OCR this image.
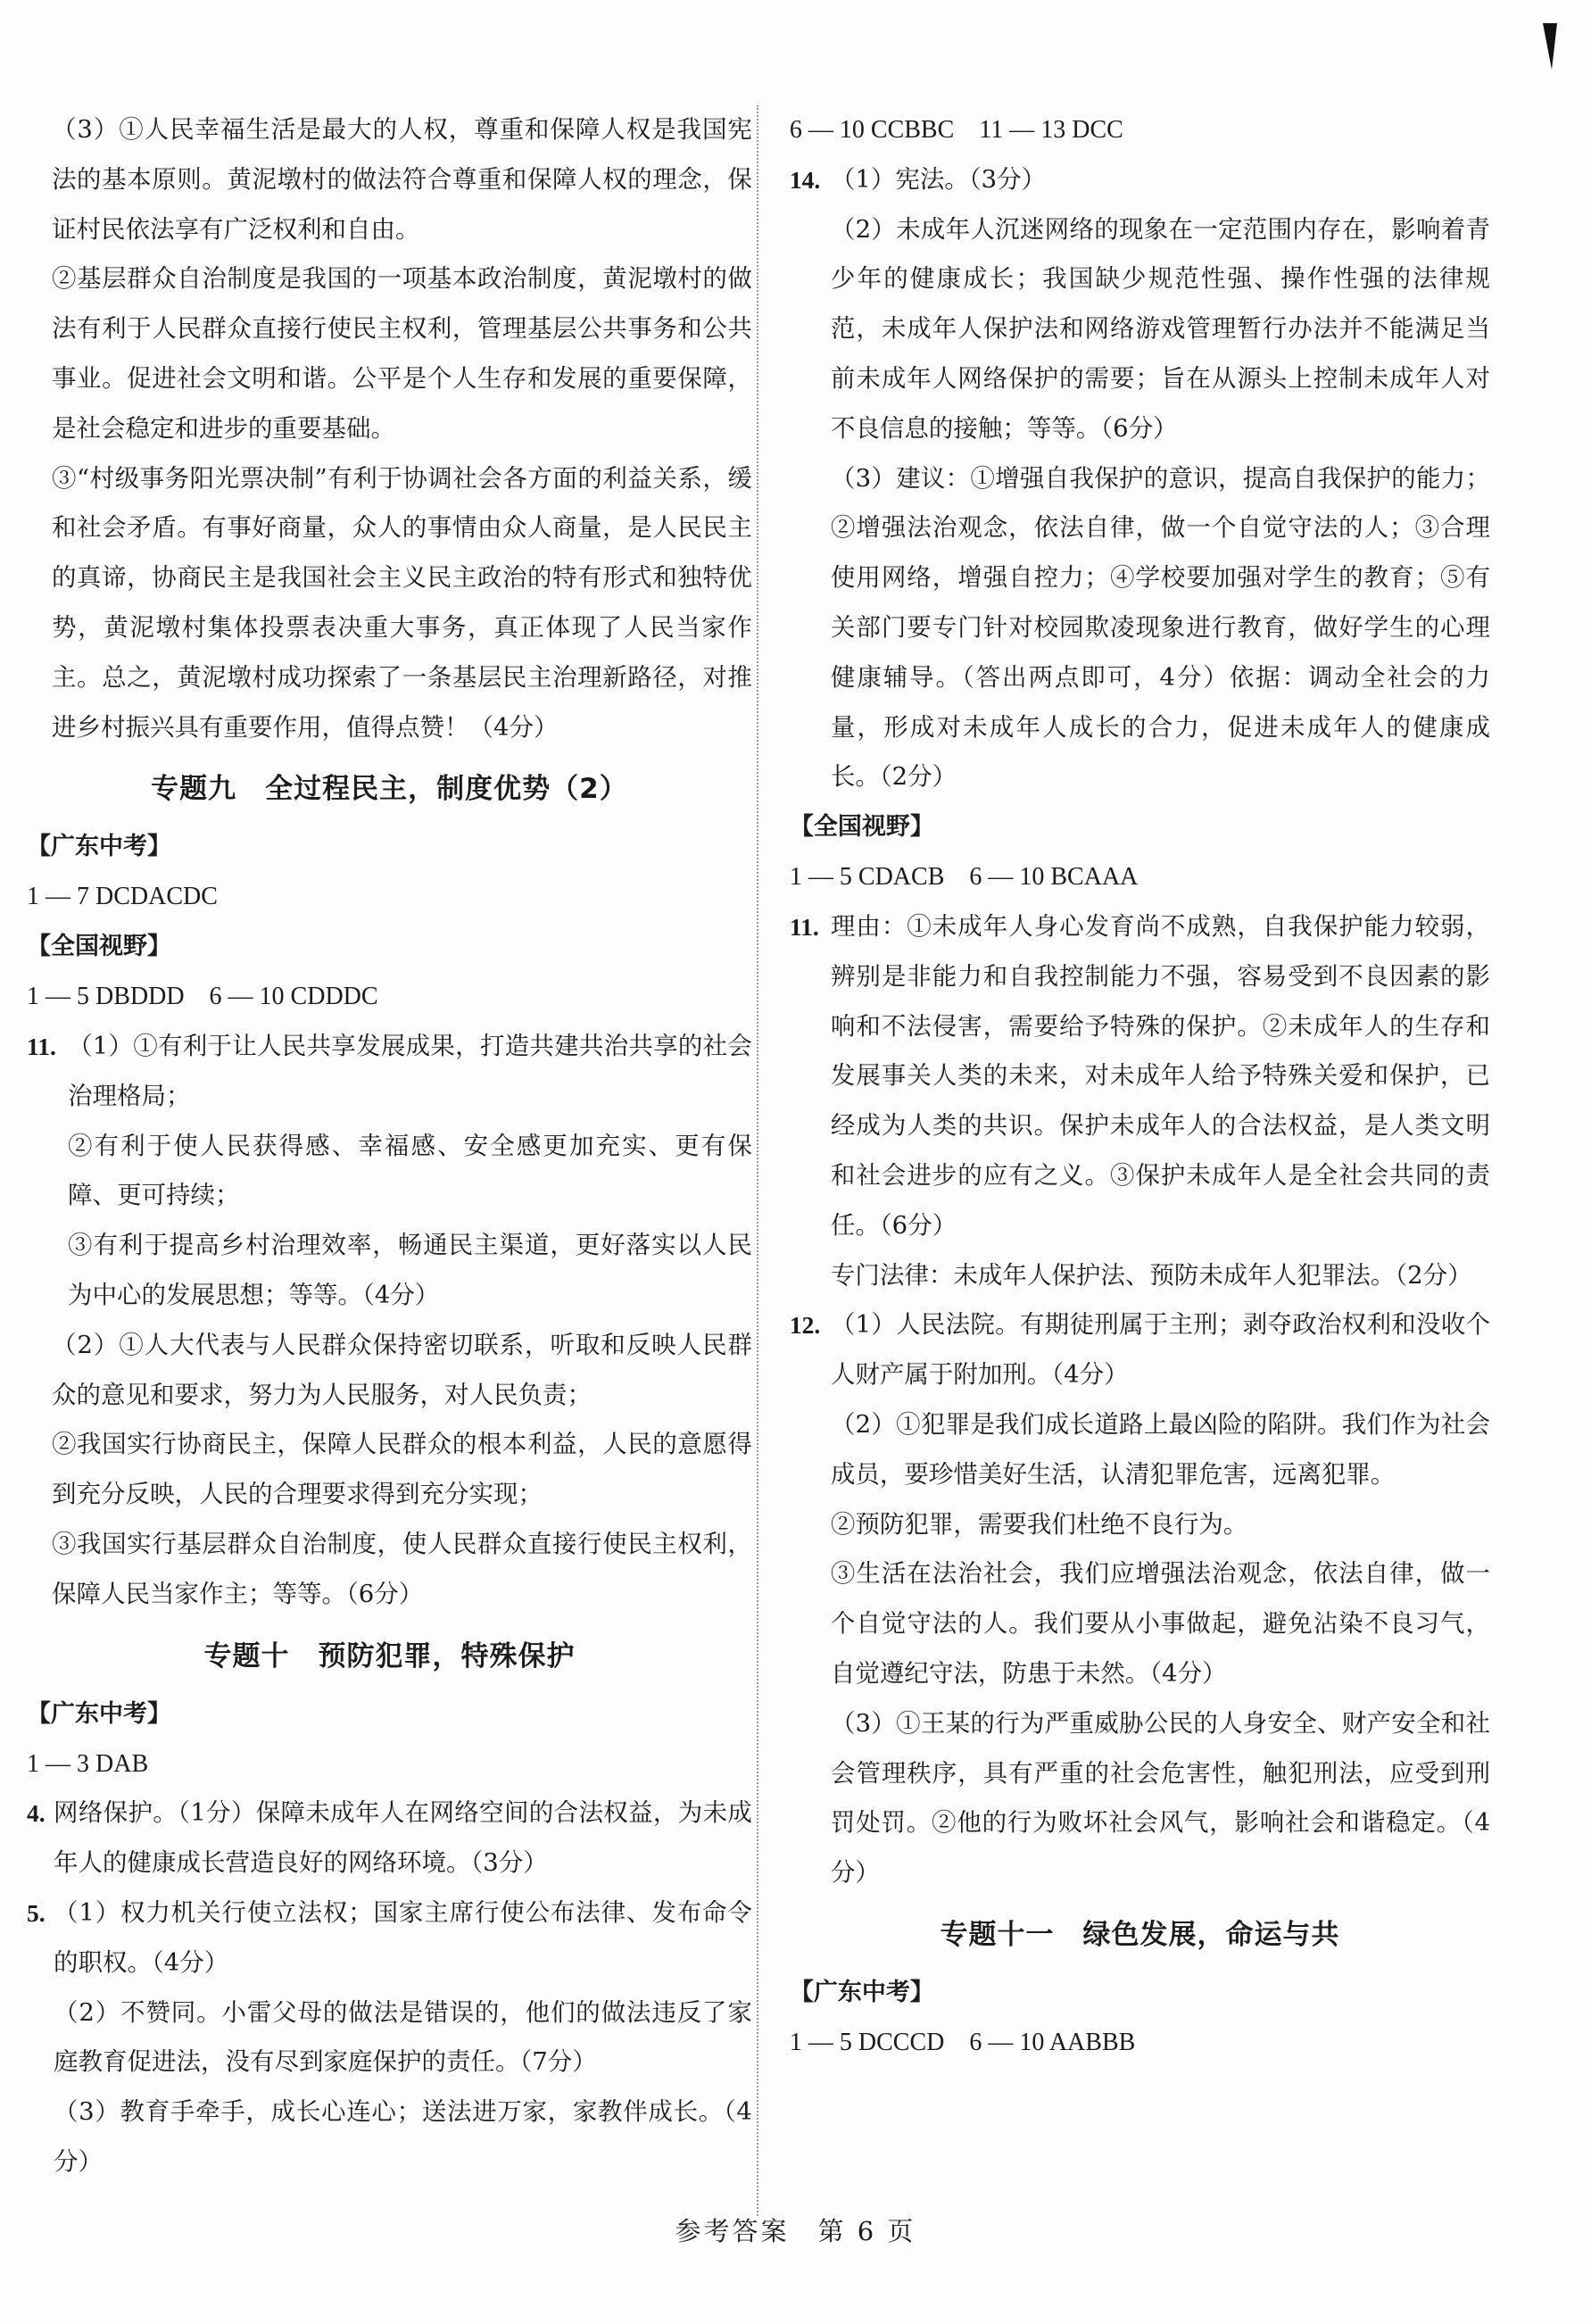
（3）①人民幸福生活是最大的人权，尊重和保障人权是我国宪法的基本原则。黄泥墩村的做法符合尊重和保障人权的理念，保证村民依法享有广泛权利和自由。

②基层群众自治制度是我国的一项基本政治制度，黄泥墩村的做法有利于人民群众直接行使民主权利，管理基层公共事务和公共事业。促进社会文明和谐。公平是个人生存和发展的重要保障，是社会稳定和进步的重要基础。

③“村级事务阳光票决制”有利于协调社会各方面的利益关系，缓和社会矛盾。有事好商量，众人的事情由众人商量，是人民民主的真谛，协商民主是我国社会主义民主政治的特有形式和独特优势，黄泥墩村集体投票表决重大事务，真正体现了人民当家作主。总之，黄泥墩村成功探索了一条基层民主治理新路径，对推进乡村振兴具有重要作用，值得点赞！（4分）

专题九　全过程民主，制度优势（2）
【广东中考】
1 — 7 DCDACDC
【全国视野】
1 — 5 DBDDD　6 — 10 CDDDC
11. （1）①有利于让人民共享发展成果，打造共建共治共享的社会治理格局；

②有利于使人民获得感、幸福感、安全感更加充实、更有保障、更可持续；

③有利于提高乡村治理效率，畅通民主渠道，更好落实以人民为中心的发展思想；等等。（4分）

（2）①人大代表与人民群众保持密切联系，听取和反映人民群众的意见和要求，努力为人民服务，对人民负责；

②我国实行协商民主，保障人民群众的根本利益，人民的意愿得到充分反映，人民的合理要求得到充分实现；

③我国实行基层群众自治制度，使人民群众直接行使民主权利，保障人民当家作主；等等。（6分）

专题十　预防犯罪，特殊保护
【广东中考】
1 — 3 DAB
4. 网络保护。（1分）保障未成年人在网络空间的合法权益，为未成年人的健康成长营造良好的网络环境。（3分）

5. （1）权力机关行使立法权；国家主席行使公布法律、发布命令的职权。（4分）

（2）不赞同。小雷父母的做法是错误的，他们的做法违反了家庭教育促进法，没有尽到家庭保护的责任。（7分）

（3）教育手牵手，成长心连心；送法进万家，家教伴成长。（4分）

6 — 10 CCBBC　11 — 13 DCC
14. （1）宪法。（3分）

（2）未成年人沉迷网络的现象在一定范围内存在，影响着青少年的健康成长；我国缺少规范性强、操作性强的法律规范，未成年人保护法和网络游戏管理暂行办法并不能满足当前未成年人网络保护的需要；旨在从源头上控制未成年人对不良信息的接触；等等。（6分）

（3）建议：①增强自我保护的意识，提高自我保护的能力；②增强法治观念，依法自律，做一个自觉守法的人；③合理使用网络，增强自控力；④学校要加强对学生的教育；⑤有关部门要专门针对校园欺凌现象进行教育，做好学生的心理健康辅导。（答出两点即可，4分）依据：调动全社会的力量，形成对未成年人成长的合力，促进未成年人的健康成长。（2分）

【全国视野】
1 — 5 CDACB　6 — 10 BCAAA
11. 理由：①未成年人身心发育尚不成熟，自我保护能力较弱，辨别是非能力和自我控制能力不强，容易受到不良因素的影响和不法侵害，需要给予特殊的保护。②未成年人的生存和发展事关人类的未来，对未成年人给予特殊关爱和保护，已经成为人类的共识。保护未成年人的合法权益，是人类文明和社会进步的应有之义。③保护未成年人是全社会共同的责任。（6分）

专门法律：未成年人保护法、预防未成年人犯罪法。（2分）

12. （1）人民法院。有期徒刑属于主刑；剥夺政治权利和没收个人财产属于附加刑。（4分）

（2）①犯罪是我们成长道路上最凶险的陷阱。我们作为社会成员，要珍惜美好生活，认清犯罪危害，远离犯罪。

②预防犯罪，需要我们杜绝不良行为。

③生活在法治社会，我们应增强法治观念，依法自律，做一个自觉守法的人。我们要从小事做起，避免沾染不良习气，自觉遵纪守法，防患于未然。（4分）

（3）①王某的行为严重威胁公民的人身安全、财产安全和社会管理秩序，具有严重的社会危害性，触犯刑法，应受到刑罚处罚。②他的行为败坏社会风气，影响社会和谐稳定。（4分）

专题十一　绿色发展，命运与共
【广东中考】
1 — 5 DCCCD　6 — 10 AABBB
参考答案　第 6 页
